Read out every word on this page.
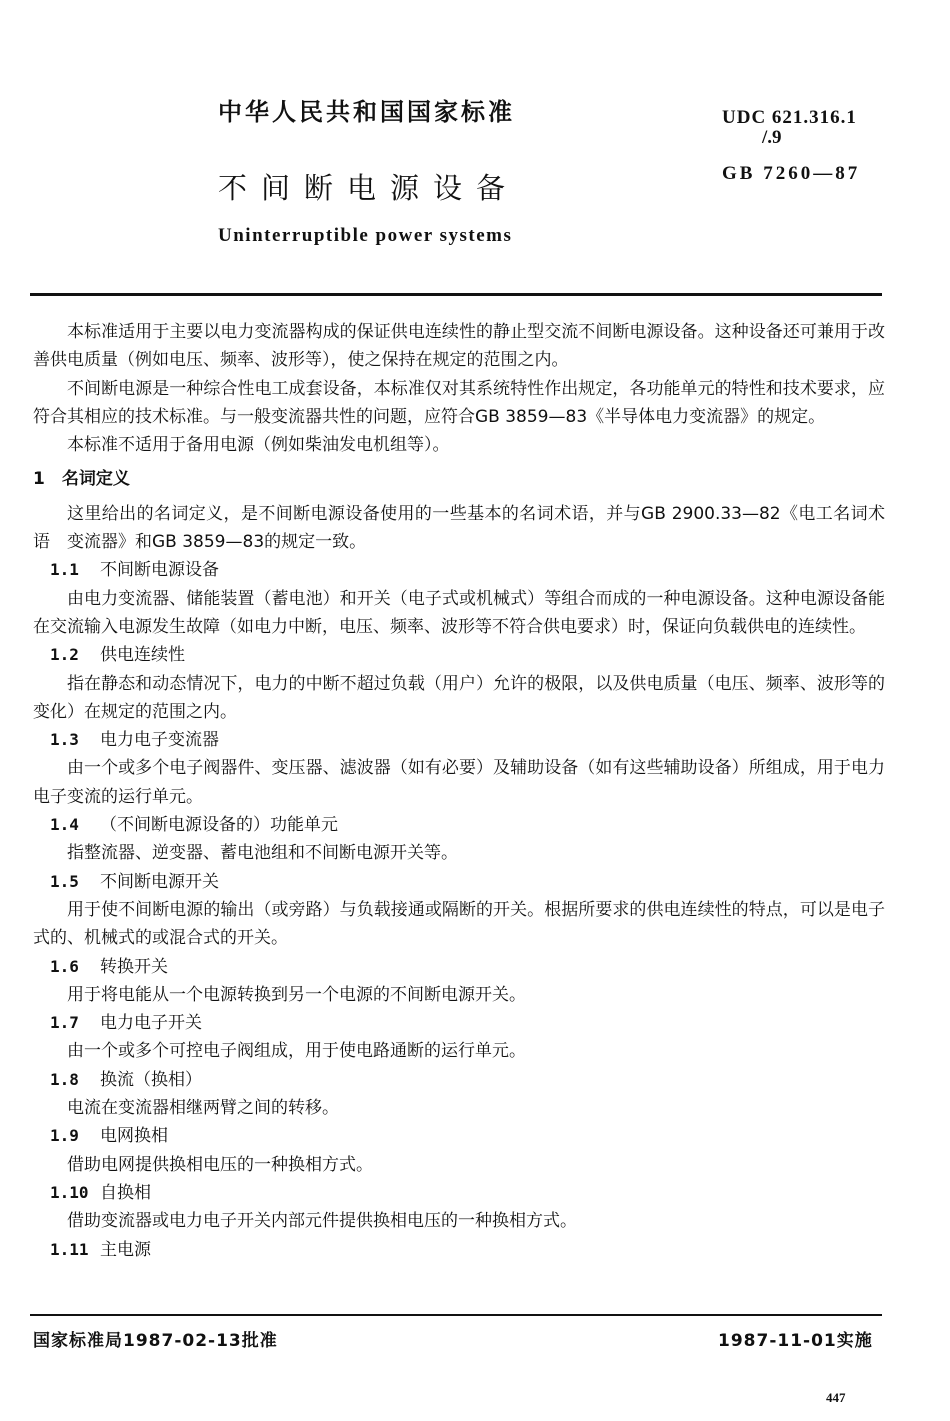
中华人民共和国国家标准	UDC 621.316.1
/.9
GB 7260—87
不间断电源设备
Uninterruptible power systems

本标准适用于主要以电力变流器构成的保证供电连续性的静止型交流不间断电源设备。这种设备还可兼用于改善供电质量（例如电压、频率、波形等），使之保持在规定的范围之内。

不间断电源是一种综合性电工成套设备，本标准仅对其系统特性作出规定，各功能单元的特性和技术要求，应符合其相应的技术标准。与一般变流器共性的问题，应符合GB 3859—83《半导体电力变流器》的规定。

本标准不适用于备用电源（例如柴油发电机组等）。

1　名词定义

这里给出的名词定义，是不间断电源设备使用的一些基本的名词术语，并与GB 2900.33—82《电工名词术语　变流器》和GB 3859—83的规定一致。

1.1 不间断电源设备

由电力变流器、储能装置（蓄电池）和开关（电子式或机械式）等组合而成的一种电源设备。这种电源设备能在交流输入电源发生故障（如电力中断，电压、频率、波形等不符合供电要求）时，保证向负载供电的连续性。

1.2 供电连续性

指在静态和动态情况下，电力的中断不超过负载（用户）允许的极限，以及供电质量（电压、频率、波形等的变化）在规定的范围之内。

1.3 电力电子变流器

由一个或多个电子阀器件、变压器、滤波器（如有必要）及辅助设备（如有这些辅助设备）所组成，用于电力电子变流的运行单元。

1.4 （不间断电源设备的）功能单元

指整流器、逆变器、蓄电池组和不间断电源开关等。

1.5 不间断电源开关

用于使不间断电源的输出（或旁路）与负载接通或隔断的开关。根据所要求的供电连续性的特点，可以是电子式的、机械式的或混合式的开关。

1.6 转换开关

用于将电能从一个电源转换到另一个电源的不间断电源开关。

1.7 电力电子开关

由一个或多个可控电子阀组成，用于使电路通断的运行单元。

1.8 换流（换相）

电流在变流器相继两臂之间的转移。

1.9 电网换相

借助电网提供换相电压的一种换相方式。

1.10 自换相

借助变流器或电力电子开关内部元件提供换相电压的一种换相方式。

1.11 主电源

国家标准局1987-02-13批准	1987-11-01实施
447
